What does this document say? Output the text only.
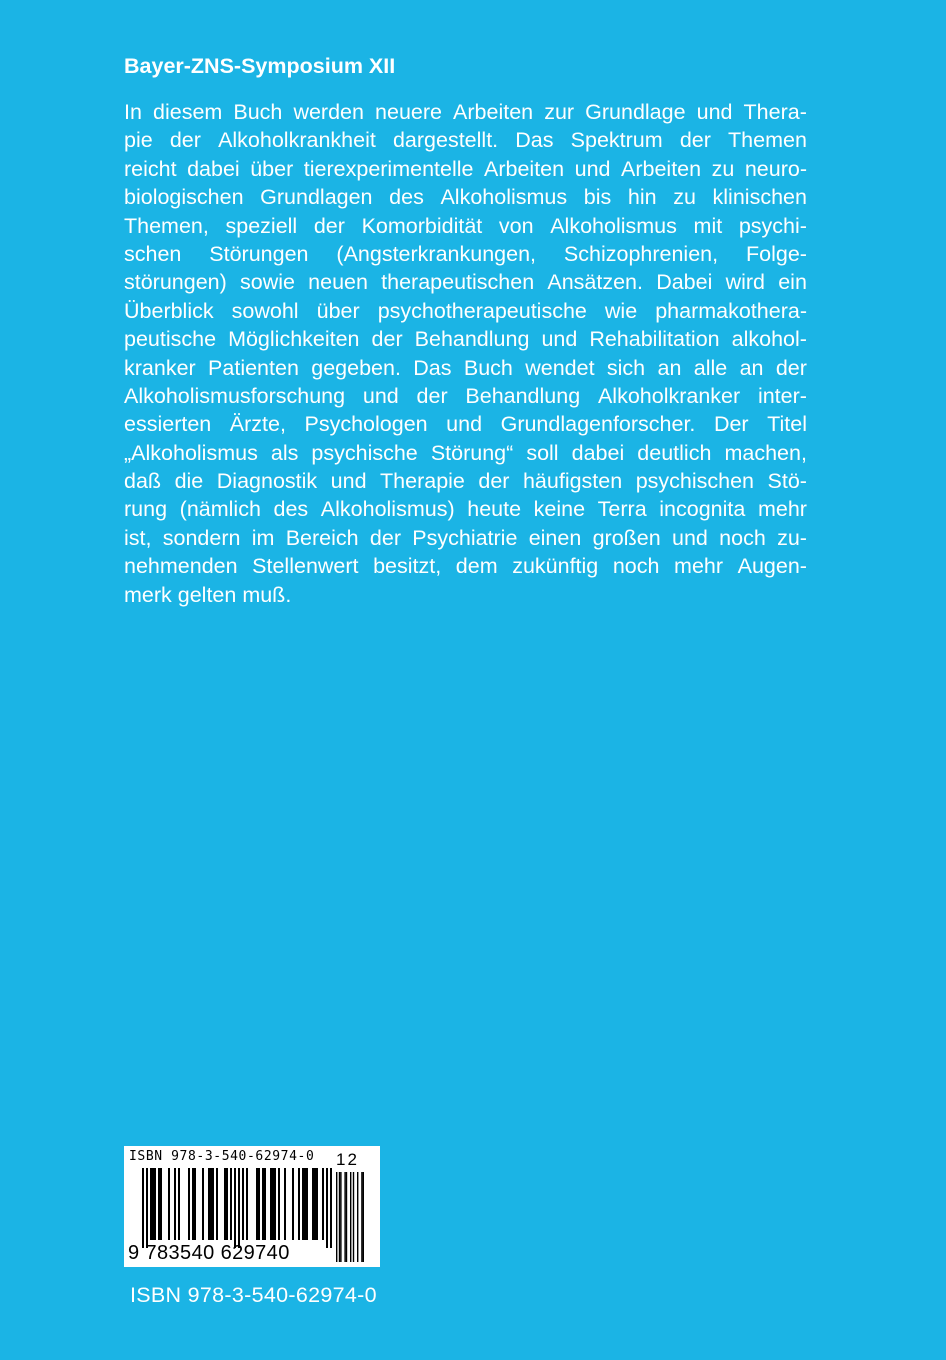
Bayer-ZNS-Symposium XII
In diesem Buch werden neuere Arbeiten zur Grundlage und Thera-
pie der Alkoholkrankheit dargestellt. Das Spektrum der Themen
reicht dabei über tierexperimentelle Arbeiten und Arbeiten zu neuro-
biologischen Grundlagen des Alkoholismus bis hin zu klinischen
Themen, speziell der Komorbidität von Alkoholismus mit psychi-
schen Störungen (Angsterkrankungen, Schizophrenien, Folge-
störungen) sowie neuen therapeutischen Ansätzen. Dabei wird ein
Überblick sowohl über psychotherapeutische wie pharmakothera-
peutische Möglichkeiten der Behandlung und Rehabilitation alkohol-
kranker Patienten gegeben. Das Buch wendet sich an alle an der
Alkoholismusforschung und der Behandlung Alkoholkranker inter-
essierten Ärzte, Psychologen und Grundlagenforscher. Der Titel
„Alkoholismus als psychische Störung“ soll dabei deutlich machen,
daß die Diagnostik und Therapie der häufigsten psychischen Stö-
rung (nämlich des Alkoholismus) heute keine Terra incognita mehr
ist, sondern im Bereich der Psychiatrie einen großen und noch zu-
nehmenden Stellenwert besitzt, dem zukünftig noch mehr Augen-
merk gelten muß.
ISBN 978-3-540-62974-0 12
9 783540 629740
ISBN 978-3-540-62974-0
